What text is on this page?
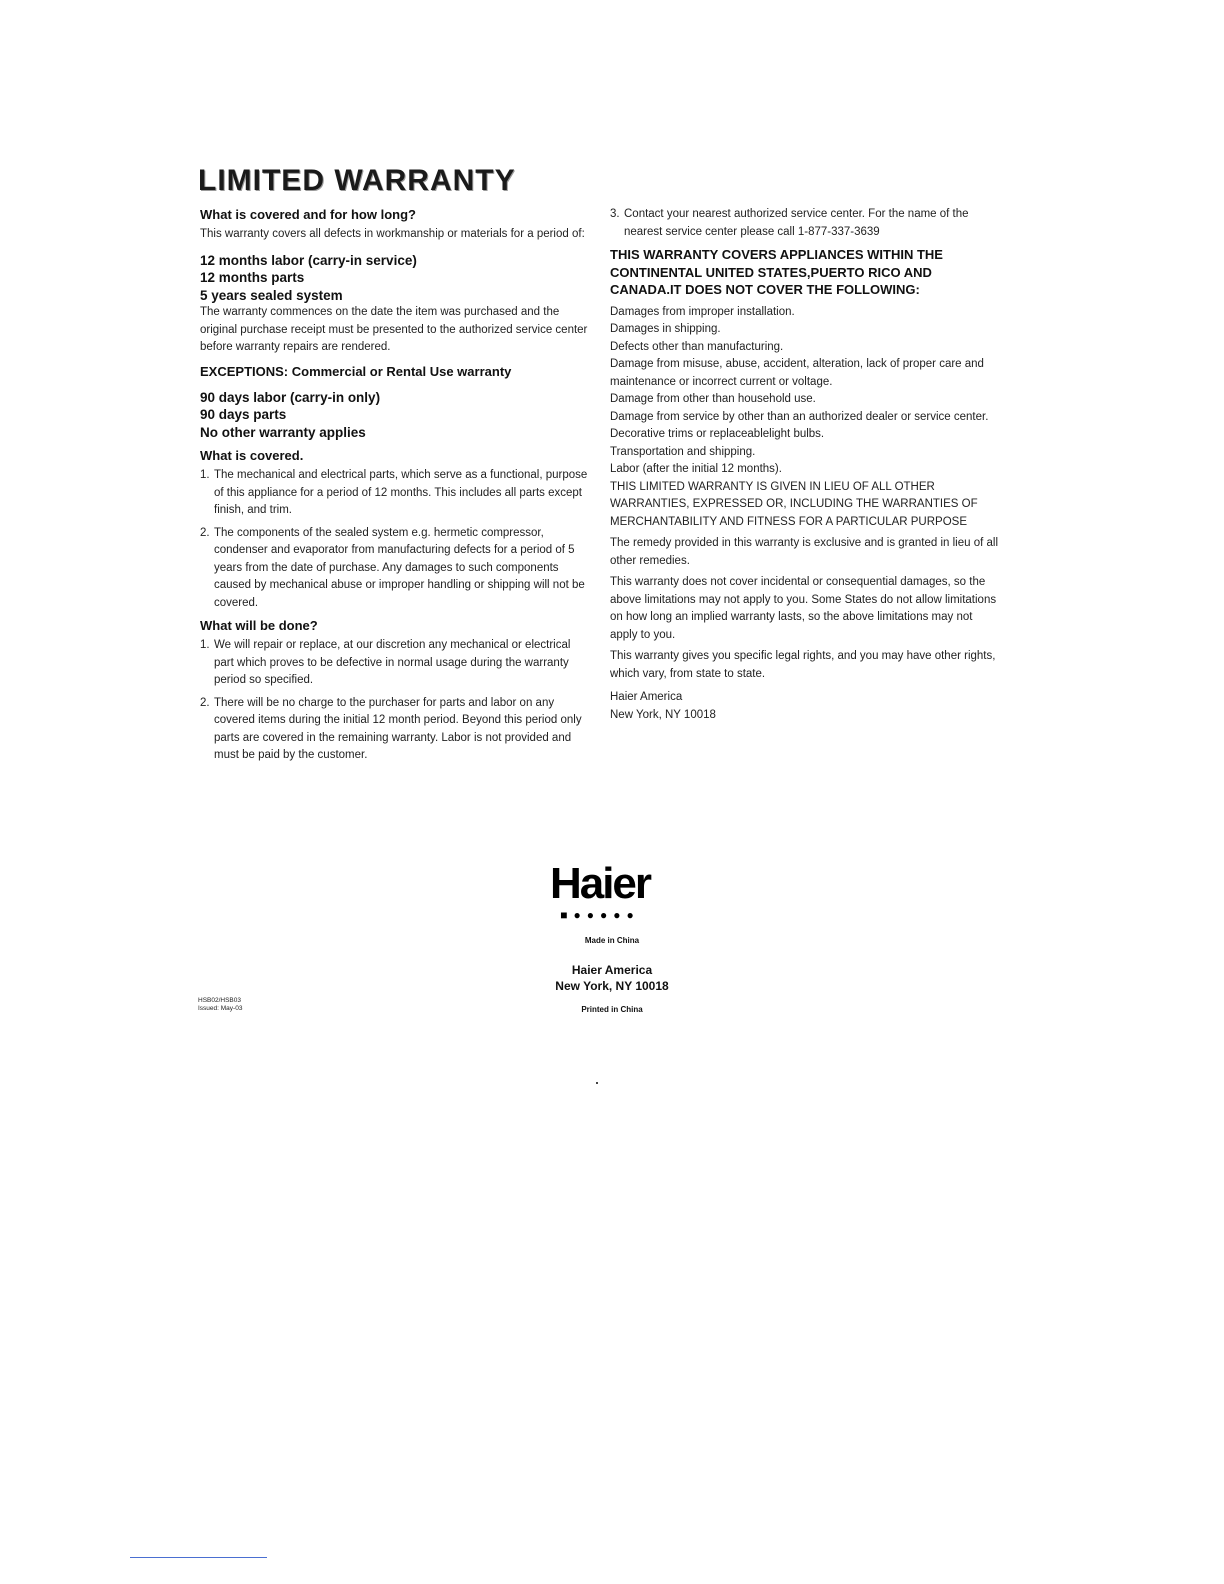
LIMITED WARRANTY
What is covered and for how long?

This warranty covers all defects in workmanship or materials for a period of:

12 months labor (carry-in service)
12 months parts
5 years sealed system

The warranty commences on the date the item was purchased and the original purchase receipt must be presented to the authorized service center before warranty repairs are rendered.

EXCEPTIONS: Commercial or Rental Use warranty
90 days labor (carry-in only)
90 days parts
No other warranty applies
What is covered.
1. The mechanical and electrical parts, which serve as a functional, purpose of this appliance for a period of 12 months. This includes all parts except finish, and trim.
2. The components of the sealed system e.g. hermetic compressor, condenser and evaporator from manufacturing defects for a period of 5 years from the date of purchase. Any damages to such components caused by mechanical abuse or improper handling or shipping will not be covered.
What will be done?
1. We will repair or replace, at our discretion any mechanical or electrical part which proves to be defective in normal usage during the warranty period so specified.
2. There will be no charge to the purchaser for parts and labor on any covered items during the initial 12 month period. Beyond this period only parts are covered in the remaining warranty. Labor is not provided and must be paid by the customer.
3. Contact your nearest authorized service center. For the name of the nearest service center please call 1-877-337-3639
THIS WARRANTY COVERS APPLIANCES WITHIN THE CONTINENTAL UNITED STATES,PUERTO RICO AND CANADA.IT DOES NOT COVER THE FOLLOWING:
Damages from improper installation.
Damages in shipping.
Defects other than manufacturing.
Damage from misuse, abuse, accident, alteration, lack of proper care and maintenance or incorrect current or voltage.
Damage from other than household use.
Damage from service by other than an authorized dealer or service center.
Decorative trims or replaceablelight bulbs.
Transportation and shipping.
Labor (after the initial 12 months).

THIS LIMITED WARRANTY IS GIVEN IN LIEU OF ALL OTHER WARRANTIES, EXPRESSED OR, INCLUDING THE WARRANTIES OF MERCHANTABILITY AND FITNESS FOR A PARTICULAR PURPOSE

The remedy provided in this warranty is exclusive and is granted in lieu of all other remedies.

This warranty does not cover incidental or consequential damages, so the above limitations may not apply to you. Some States do not allow limitations on how long an implied warranty lasts, so the above limitations may not apply to you.

This warranty gives you specific legal rights, and you may have other rights, which vary, from state to state.

Haier America
New York, NY 10018
Haier
■●●●●●
Made in China
Haier America
New York, NY 10018
Printed in China
HSB02/HSB03
Issued: May-03
